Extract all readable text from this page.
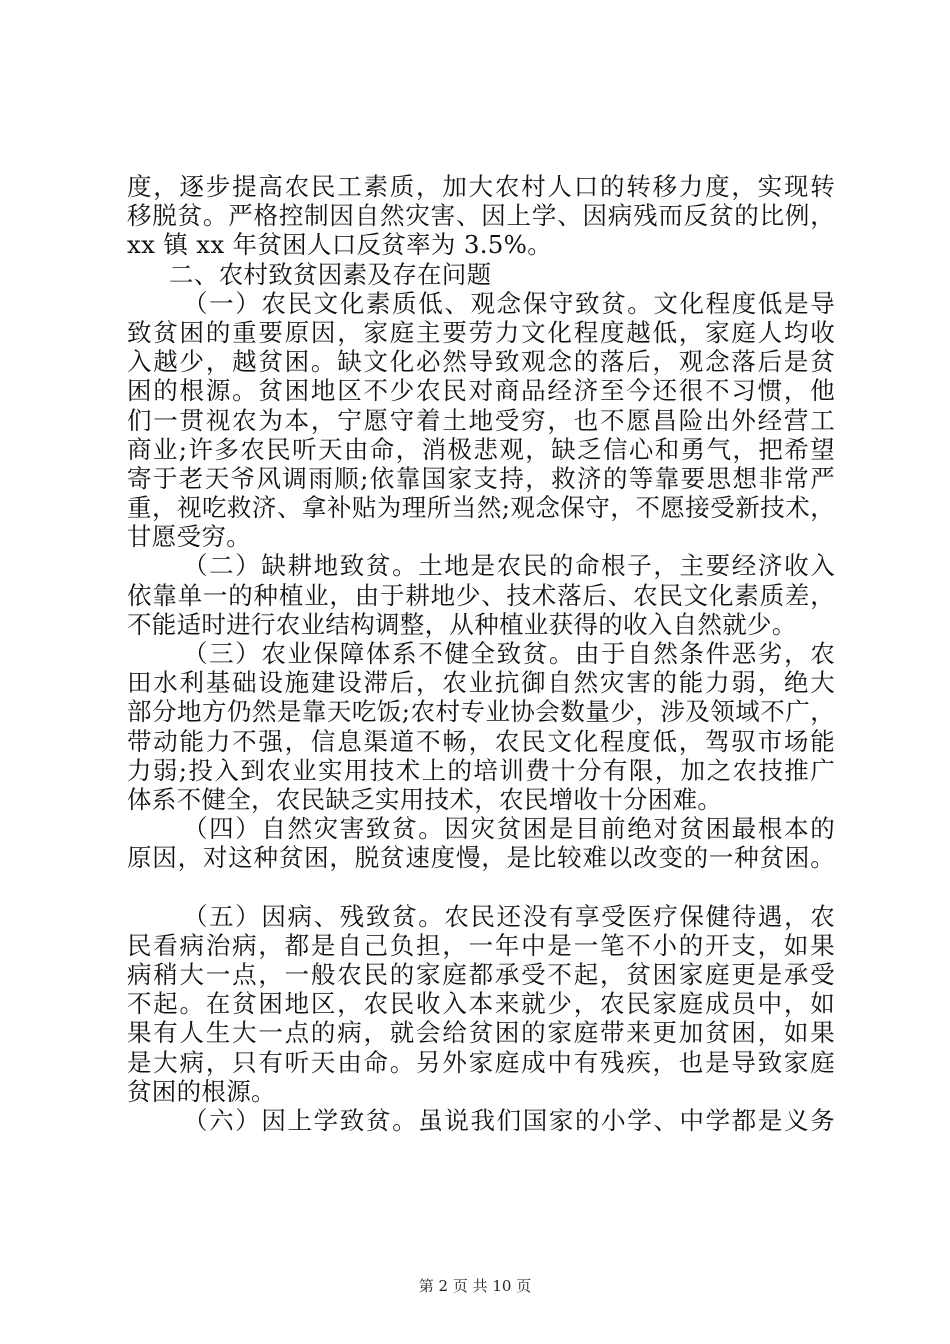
度，逐步提高农民工素质，加大农村人口的转移力度，实现转
移脱贫。严格控制因自然灾害、因上学、因病残而反贫的比例，
xx 镇 xx 年贫困人口反贫率为 3.5%。
二、农村致贫因素及存在问题
（一）农民文化素质低、观念保守致贫。文化程度低是导
致贫困的重要原因，家庭主要劳力文化程度越低，家庭人均收
入越少，越贫困。缺文化必然导致观念的落后，观念落后是贫
困的根源。贫困地区不少农民对商品经济至今还很不习惯，他
们一贯视农为本，宁愿守着土地受穷，也不愿昌险出外经营工
商业;许多农民听天由命，消极悲观，缺乏信心和勇气，把希望
寄于老天爷风调雨顺;依靠国家支持，救济的等靠要思想非常严
重，视吃救济、拿补贴为理所当然;观念保守，不愿接受新技术，
甘愿受穷。
（二）缺耕地致贫。土地是农民的命根子，主要经济收入
依靠单一的种植业，由于耕地少、技术落后、农民文化素质差，
不能适时进行农业结构调整，从种植业获得的收入自然就少。
（三）农业保障体系不健全致贫。由于自然条件恶劣，农
田水利基础设施建设滞后，农业抗御自然灾害的能力弱，绝大
部分地方仍然是靠天吃饭;农村专业协会数量少，涉及领域不广，
带动能力不强，信息渠道不畅，农民文化程度低，驾驭市场能
力弱;投入到农业实用技术上的培训费十分有限，加之农技推广
体系不健全，农民缺乏实用技术，农民增收十分困难。
（四）自然灾害致贫。因灾贫困是目前绝对贫困最根本的
原因，对这种贫困，脱贫速度慢，是比较难以改变的一种贫困。
（五）因病、残致贫。农民还没有享受医疗保健待遇，农
民看病治病，都是自己负担，一年中是一笔不小的开支，如果
病稍大一点，一般农民的家庭都承受不起，贫困家庭更是承受
不起。在贫困地区，农民收入本来就少，农民家庭成员中，如
果有人生大一点的病，就会给贫困的家庭带来更加贫困，如果
是大病，只有听天由命。另外家庭成中有残疾，也是导致家庭
贫困的根源。
（六）因上学致贫。虽说我们国家的小学、中学都是义务
第 2 页 共 10 页
